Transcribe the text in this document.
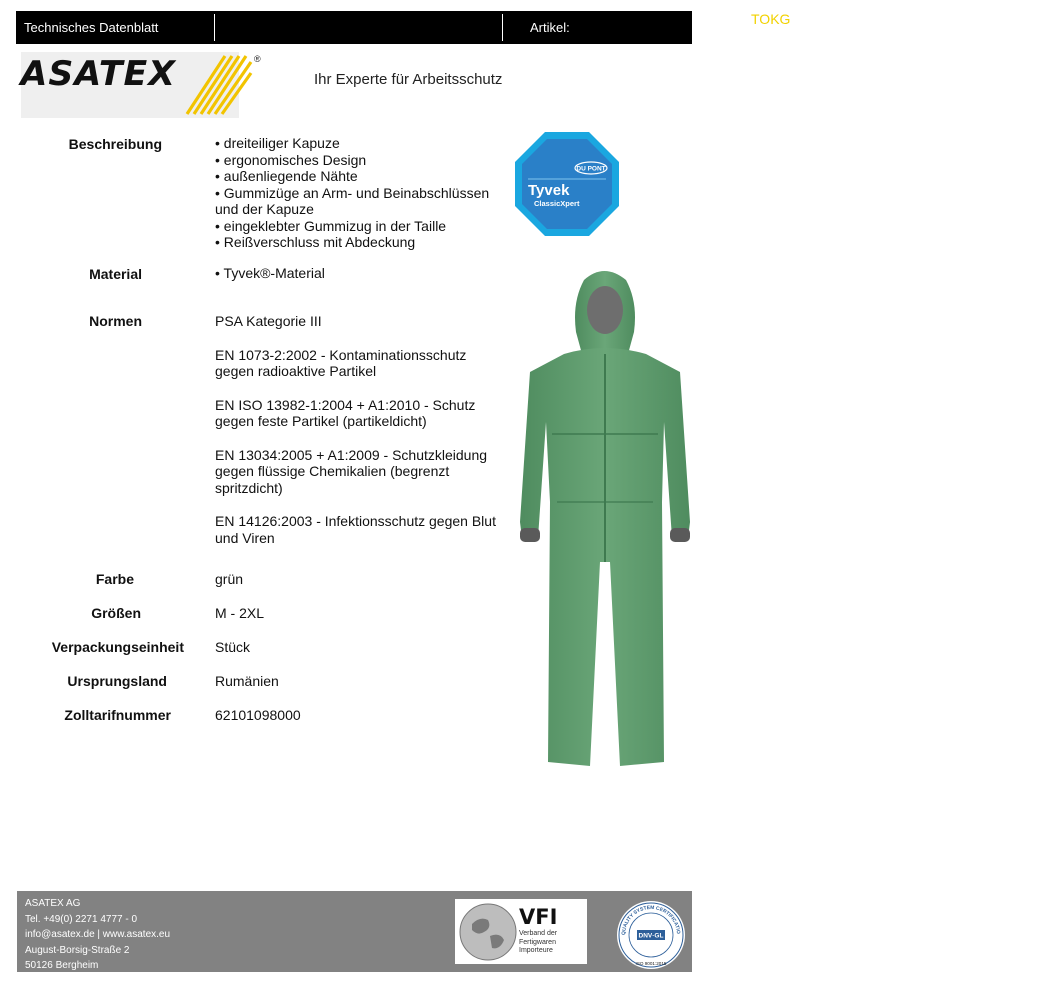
Technisches Datenblatt	Artikel:
TOKG
ASATEX	®
Ihr Experte für Arbeitsschutz
Beschreibung	• dreiteiliger Kapuze
• ergonomisches Design
• außenliegende Nähte
• Gummizüge an Arm- und Beinabschlüssen
und der Kapuze
• eingeklebter Gummizug in der Taille
• Reißverschluss mit Abdeckung
Material	• Tyvek®-Material
Normen	PSA Kategorie III
EN 1073-2:2002 - Kontaminationsschutz gegen radioaktive Partikel
EN ISO 13982-1:2004 + A1:2010 - Schutz gegen feste Partikel (partikeldicht)
EN 13034:2005 + A1:2009 - Schutzkleidung gegen flüssige Chemikalien (begrenzt spritzdicht)
EN 14126:2003 - Infektionsschutz gegen Blut und Viren
Farbe	grün
Größen	M - 2XL
Verpackungseinheit Stück
Ursprungsland	Rumänien
Zolltarifnummer	62101098000
DU PONT
Tyvek
ClassicXpert
ASATEX AG
Tel. +49(0) 2271 4777 - 0
info@asatex.de | www.asatex.eu
August-Borsig-Straße 2
50126 Bergheim
VFI
Verband der
Fertigwaren
Importeure
QUALITY SYSTEM CERTIFICATIO
DNV·GL
ISO 9001:2015
